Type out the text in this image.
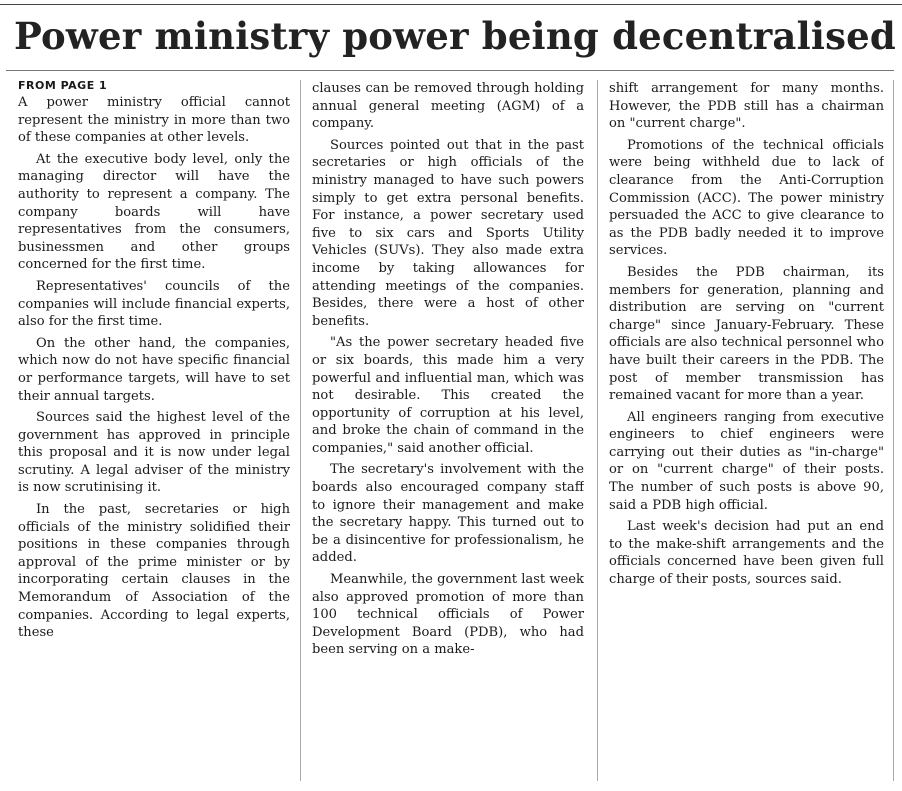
Power ministry power being decentralised
FROM PAGE 1

A power ministry official cannot represent the ministry in more than two of these companies at other levels.

At the executive body level, only the managing director will have the authority to represent a company. The company boards will have representatives from the consumers, businessmen and other groups concerned for the first time.

Representatives' councils of the companies will include financial experts, also for the first time.

On the other hand, the companies, which now do not have specific financial or performance targets, will have to set their annual targets.

Sources said the highest level of the government has approved in principle this proposal and it is now under legal scrutiny. A legal adviser of the ministry is now scrutinising it.

In the past, secretaries or high officials of the ministry solidified their positions in these companies through approval of the prime minister or by incorporating certain clauses in the Memorandum of Association of the companies. According to legal experts, these

clauses can be removed through holding annual general meeting (AGM) of a company.

Sources pointed out that in the past secretaries or high officials of the ministry managed to have such powers simply to get extra personal benefits. For instance, a power secretary used five to six cars and Sports Utility Vehicles (SUVs). They also made extra income by taking allowances for attending meetings of the companies. Besides, there were a host of other benefits.

"As the power secretary headed five or six boards, this made him a very powerful and influential man, which was not desirable. This created the opportunity of corruption at his level, and broke the chain of command in the companies," said another official.

The secretary's involvement with the boards also encouraged company staff to ignore their management and make the secretary happy. This turned out to be a disincentive for professionalism, he added.

Meanwhile, the government last week also approved promotion of more than 100 technical officials of Power Development Board (PDB), who had been serving on a make-

shift arrangement for many months. However, the PDB still has a chairman on "current charge".

Promotions of the technical officials were being withheld due to lack of clearance from the Anti-Corruption Commission (ACC). The power ministry persuaded the ACC to give clearance to as the PDB badly needed it to improve services.

Besides the PDB chairman, its members for generation, planning and distribution are serving on "current charge" since January-February. These officials are also technical personnel who have built their careers in the PDB. The post of member transmission has remained vacant for more than a year.

All engineers ranging from executive engineers to chief engineers were carrying out their duties as "in-charge" or on "current charge" of their posts. The number of such posts is above 90, said a PDB high official.

Last week's decision had put an end to the make-shift arrangements and the officials concerned have been given full charge of their posts, sources said.
